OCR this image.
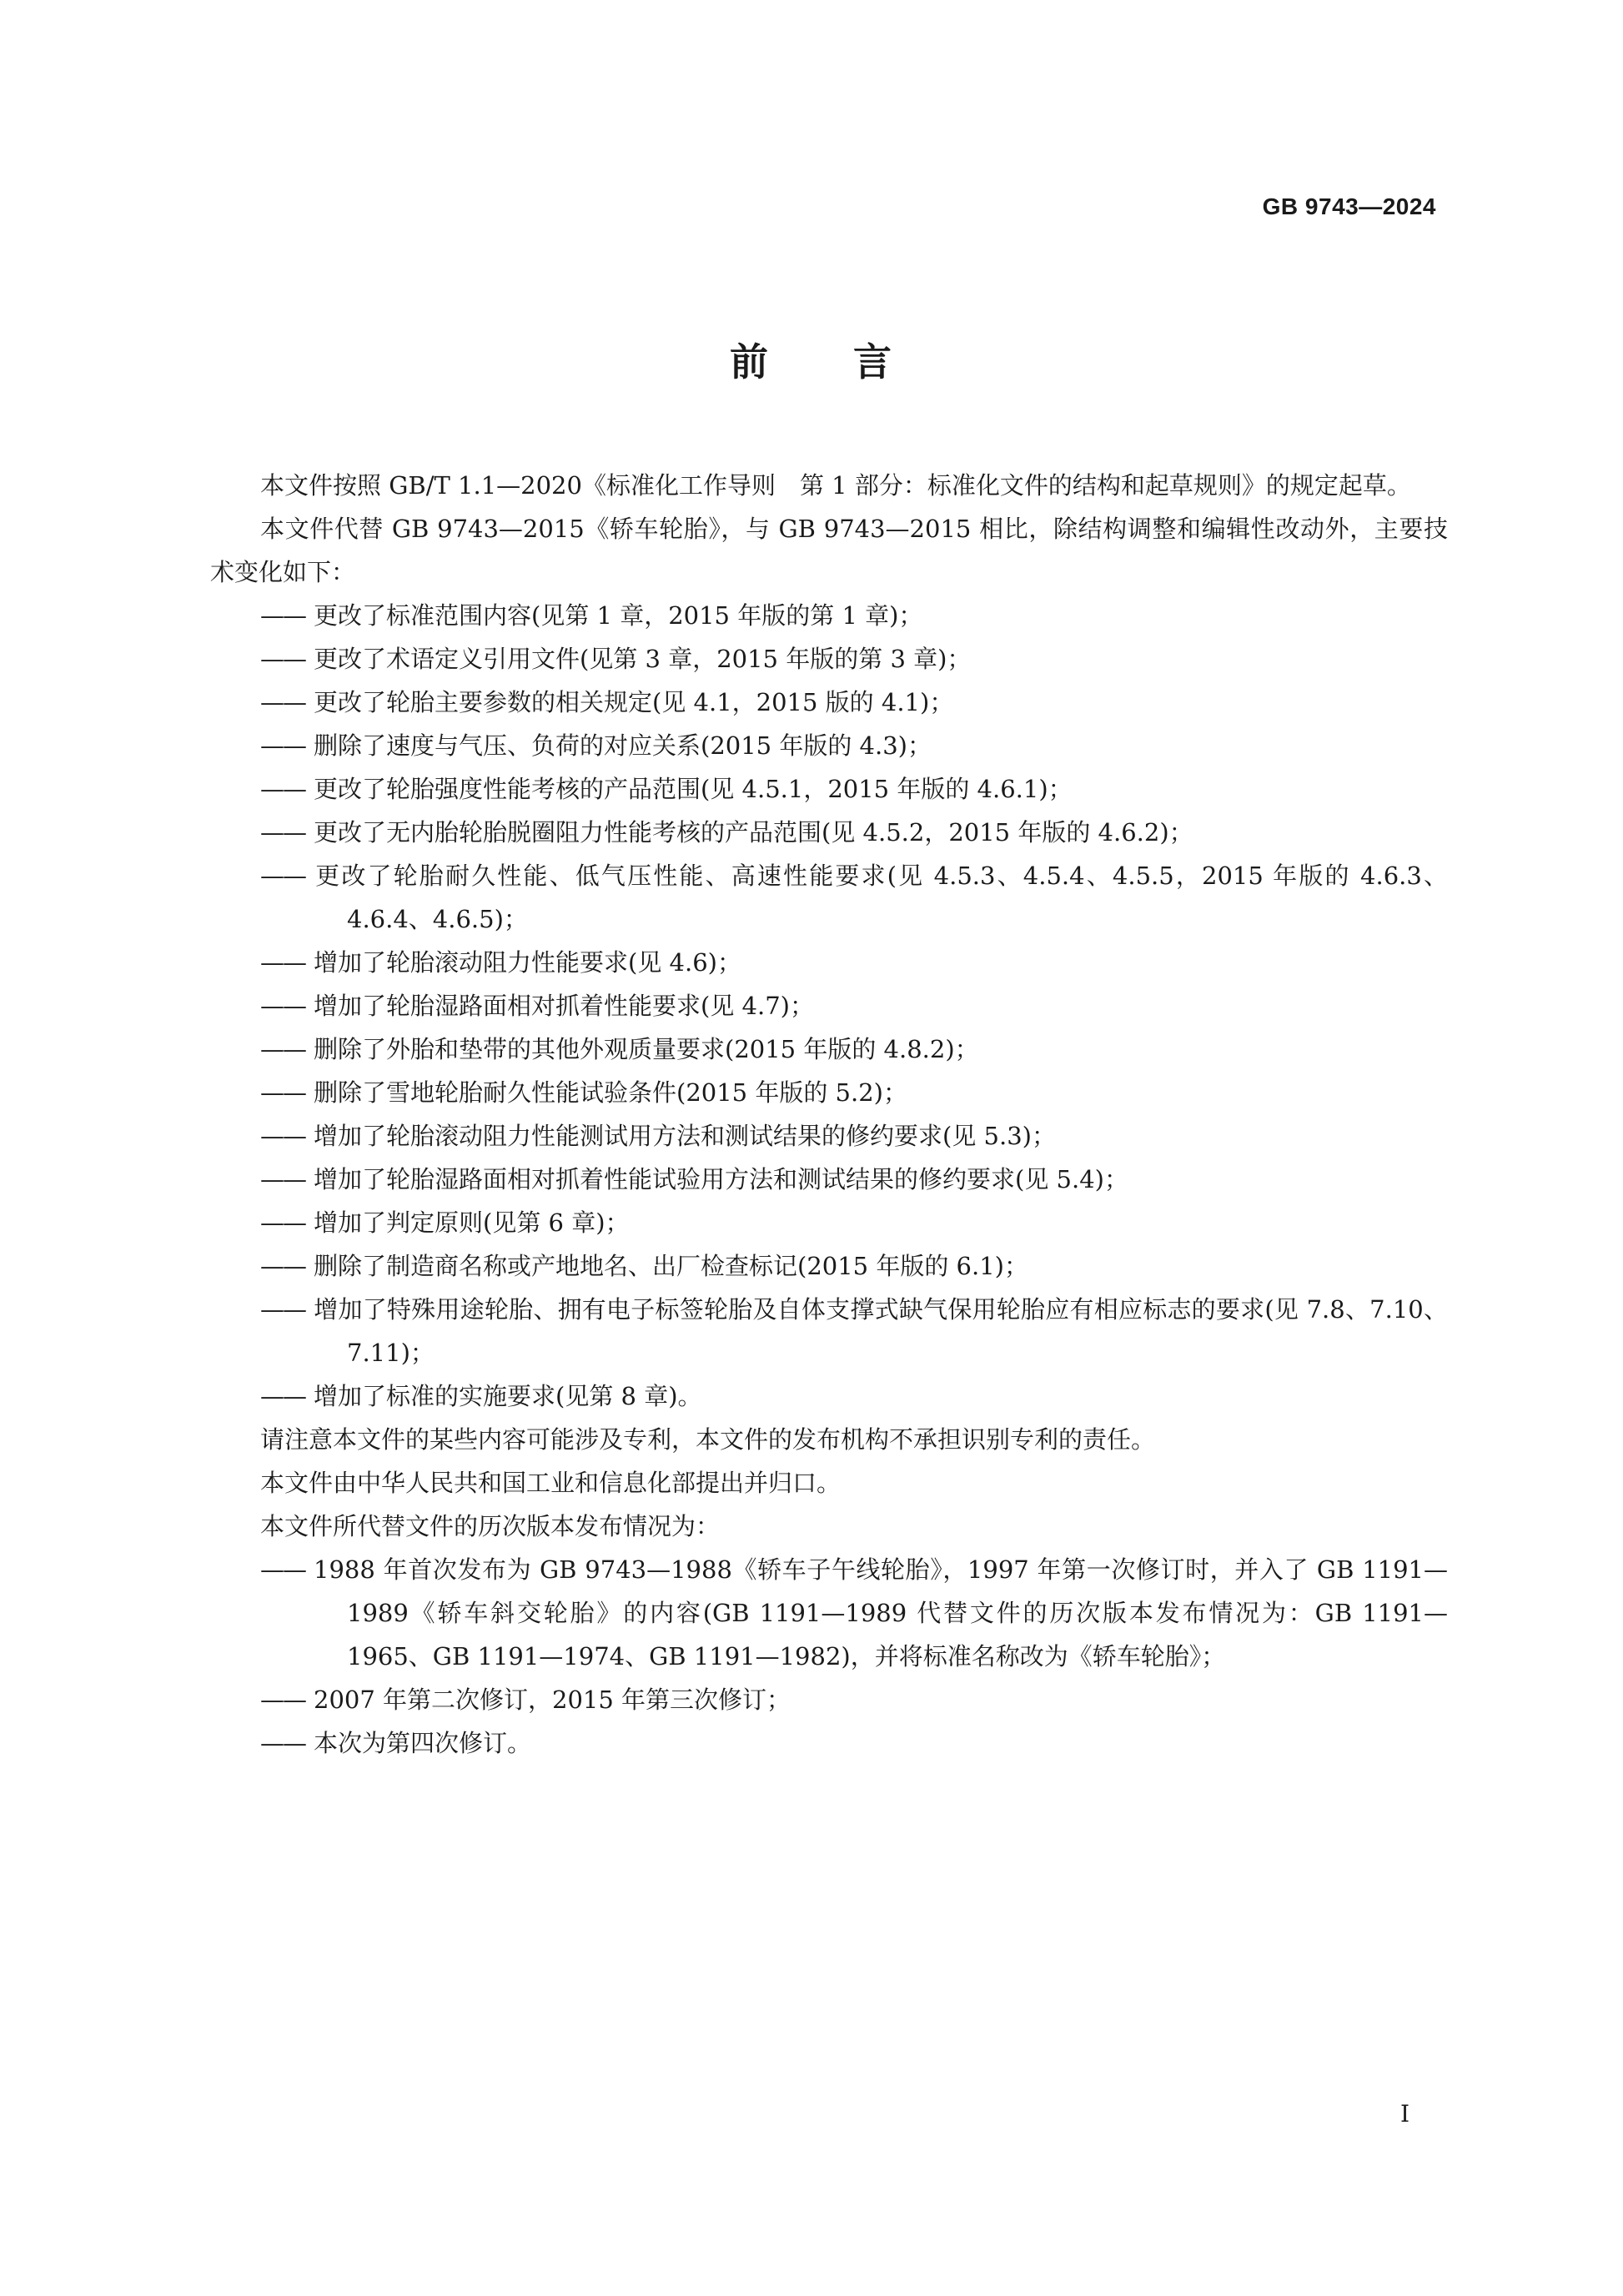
GB 9743—2024
前 言

本文件按照 GB/T 1.1—2020《标准化工作导则　第 1 部分：标准化文件的结构和起草规则》的规定起草。

本文件代替 GB 9743—2015《轿车轮胎》，与 GB 9743—2015 相比，除结构调整和编辑性改动外，主要技术变化如下：

—— 更改了标准范围内容(见第 1 章，2015 年版的第 1 章)；

—— 更改了术语定义引用文件(见第 3 章，2015 年版的第 3 章)；

—— 更改了轮胎主要参数的相关规定(见 4.1，2015 版的 4.1)；

—— 删除了速度与气压、负荷的对应关系(2015 年版的 4.3)；

—— 更改了轮胎强度性能考核的产品范围(见 4.5.1，2015 年版的 4.6.1)；

—— 更改了无内胎轮胎脱圈阻力性能考核的产品范围(见 4.5.2，2015 年版的 4.6.2)；

—— 更改了轮胎耐久性能、低气压性能、高速性能要求(见 4.5.3、4.5.4、4.5.5，2015 年版的 4.6.3、4.6.4、4.6.5)；

—— 增加了轮胎滚动阻力性能要求(见 4.6)；

—— 增加了轮胎湿路面相对抓着性能要求(见 4.7)；

—— 删除了外胎和垫带的其他外观质量要求(2015 年版的 4.8.2)；

—— 删除了雪地轮胎耐久性能试验条件(2015 年版的 5.2)；

—— 增加了轮胎滚动阻力性能测试用方法和测试结果的修约要求(见 5.3)；

—— 增加了轮胎湿路面相对抓着性能试验用方法和测试结果的修约要求(见 5.4)；

—— 增加了判定原则(见第 6 章)；

—— 删除了制造商名称或产地地名、出厂检查标记(2015 年版的 6.1)；

—— 增加了特殊用途轮胎、拥有电子标签轮胎及自体支撑式缺气保用轮胎应有相应标志的要求(见 7.8、7.10、7.11)；

—— 增加了标准的实施要求(见第 8 章)。

请注意本文件的某些内容可能涉及专利，本文件的发布机构不承担识别专利的责任。

本文件由中华人民共和国工业和信息化部提出并归口。

本文件所代替文件的历次版本发布情况为：

—— 1988 年首次发布为 GB 9743—1988《轿车子午线轮胎》，1997 年第一次修订时，并入了 GB 1191—1989《轿车斜交轮胎》的内容(GB 1191—1989 代替文件的历次版本发布情况为：GB 1191—1965、GB 1191—1974、GB 1191—1982)，并将标准名称改为《轿车轮胎》；

—— 2007 年第二次修订，2015 年第三次修订；

—— 本次为第四次修订。

I
